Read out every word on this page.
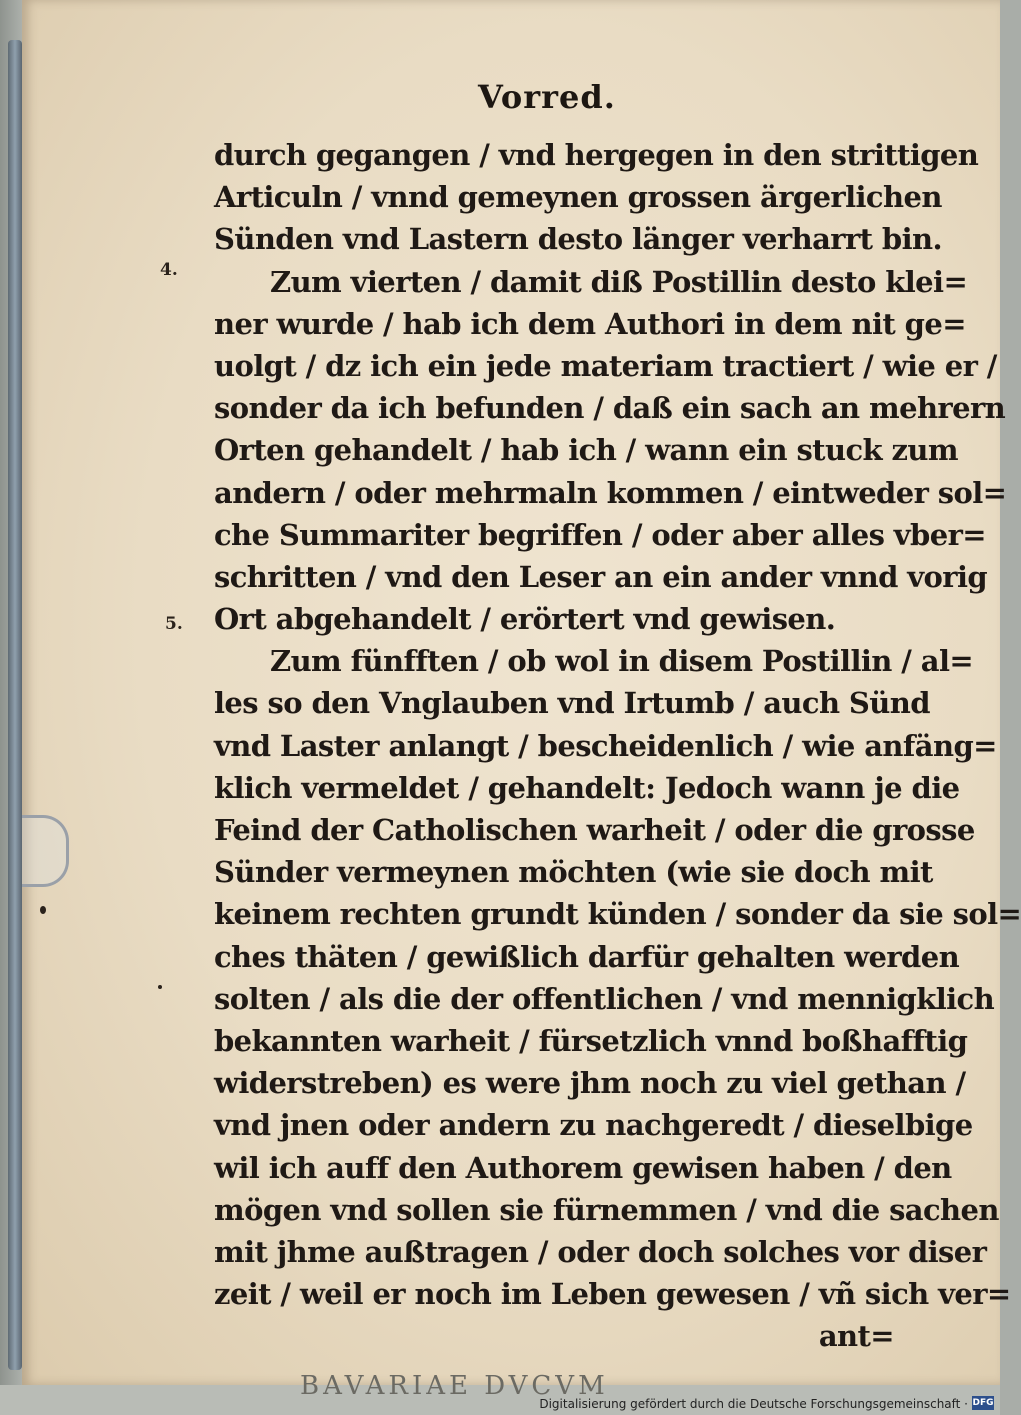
Vorred.
4.
5.
durch gegangen / vnd hergegen in den strittigen
Articuln / vnnd gemeynen grossen ärgerlichen
Sünden vnd Lastern desto länger verharrt bin.
Zum vierten / damit diß Postillin desto klei=
ner wurde / hab ich dem Authori in dem nit ge=
uolgt / dz ich ein jede materiam tractiert / wie er /
sonder da ich befunden / daß ein sach an mehrern
Orten gehandelt / hab ich / wann ein stuck zum
andern / oder mehrmaln kommen / eintweder sol=
che Summariter begriffen / oder aber alles vber=
schritten / vnd den Leser an ein ander vnnd vorig
Ort abgehandelt / erörtert vnd gewisen.
Zum fünfften / ob wol in disem Postillin / al=
les so den Vnglauben vnd Irtumb / auch Sünd
vnd Laster anlangt / bescheidenlich / wie anfäng=
klich vermeldet / gehandelt: Jedoch wann je die
Feind der Catholischen warheit / oder die grosse
Sünder vermeynen möchten (wie sie doch mit
keinem rechten grundt künden / sonder da sie sol=
ches thäten / gewißlich darfür gehalten werden
solten / als die der offentlichen / vnd mennigklich
bekannten warheit / fürsetzlich vnnd boßhafftig
widerstreben) es were jhm noch zu viel gethan /
vnd jnen oder andern zu nachgeredt / dieselbige
wil ich auff den Authorem gewisen haben / den
mögen vnd sollen sie fürnemmen / vnd die sachen
mit jhme außtragen / oder doch solches vor diser
zeit / weil er noch im Leben gewesen / vñ sich ver=
ant=
BAVARIAE DVCVM
Digitalisierung gefördert durch die Deutsche Forschungsgemeinschaft · DFG
